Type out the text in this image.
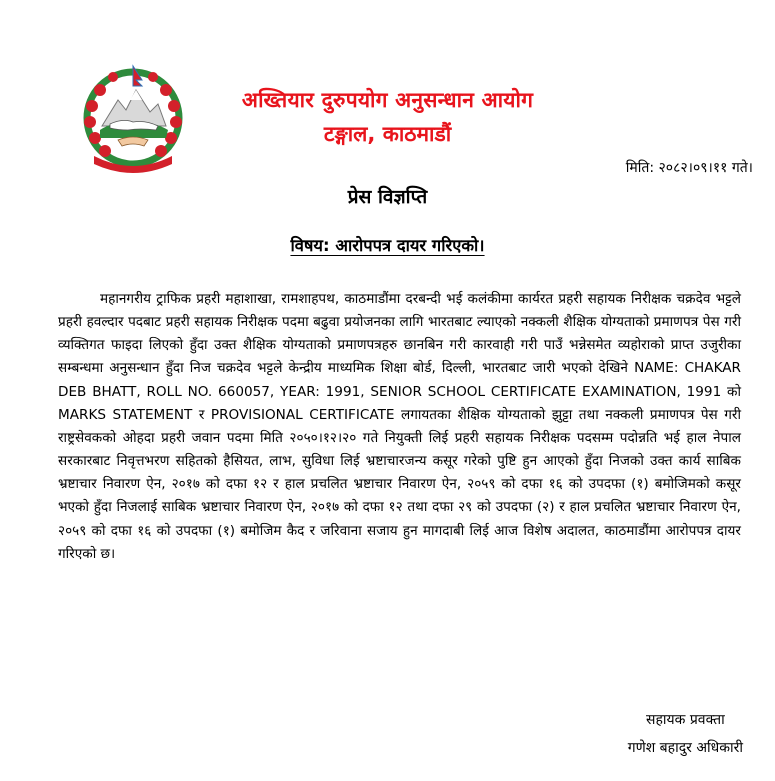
अख्तियार दुरुपयोग अनुसन्धान आयोग
टङ्गाल, काठमाडौं
मिति: २०८२।०९।११ गते।
प्रेस विज्ञप्ति
विषय: आरोपपत्र दायर गरिएको।

महानगरीय ट्राफिक प्रहरी महाशाखा, रामशाहपथ, काठमाडौंमा दरबन्दी भई कलंकीमा कार्यरत प्रहरी सहायक निरीक्षक चक्रदेव भट्टले प्रहरी हवल्दार पदबाट प्रहरी सहायक निरीक्षक पदमा बढुवा प्रयोजनका लागि भारतबाट ल्याएको नक्कली शैक्षिक योग्यताको प्रमाणपत्र पेस गरी व्यक्तिगत फाइदा लिएको हुँदा उक्त शैक्षिक योग्यताको प्रमाणपत्रहरु छानबिन गरी कारवाही गरी पाउँ भन्नेसमेत व्यहोराको प्राप्त उजुरीका सम्बन्धमा अनुसन्धान हुँदा निज चक्रदेव भट्टले केन्द्रीय माध्यमिक शिक्षा बोर्ड, दिल्ली, भारतबाट जारी भएको देखिने NAME: CHAKAR DEB BHATT, ROLL NO. 660057, YEAR: 1991, SENIOR SCHOOL CERTIFICATE EXAMINATION, 1991 को MARKS STATEMENT र PROVISIONAL CERTIFICATE लगायतका शैक्षिक योग्यताको झुट्टा तथा नक्कली प्रमाणपत्र पेस गरी राष्ट्रसेवकको ओहदा प्रहरी जवान पदमा मिति २०५०।१२।२० गते नियुक्ती लिई प्रहरी सहायक निरीक्षक पदसम्म पदोन्नति भई हाल नेपाल सरकारबाट निवृत्तभरण सहितको हैसियत, लाभ, सुविधा लिई भ्रष्टाचारजन्य कसूर गरेको पुष्टि हुन आएको हुँदा निजको उक्त कार्य साबिक भ्रष्टाचार निवारण ऐन, २०१७ को दफा १२ र हाल प्रचलित भ्रष्टाचार निवारण ऐन, २०५९ को दफा १६ को उपदफा (१) बमोजिमको कसूर भएको हुँदा निजलाई साबिक भ्रष्टाचार निवारण ऐन, २०१७ को दफा १२ तथा दफा २९ को उपदफा (२) र हाल प्रचलित भ्रष्टाचार निवारण ऐन, २०५९ को दफा १६ को उपदफा (१) बमोजिम कैद र जरिवाना सजाय हुन मागदाबी लिई आज विशेष अदालत, काठमाडौंमा आरोपपत्र दायर गरिएको छ।

सहायक प्रवक्ता
गणेश बहादुर अधिकारी
